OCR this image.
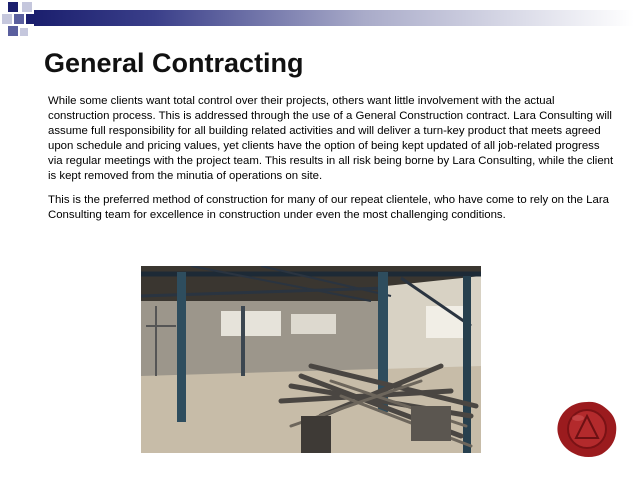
General Contracting

While some clients want total control over their projects, others want little involvement with the actual construction process. This is addressed through the use of a General Construction contract. Lara Consulting will assume full responsibility for all building related activities and will deliver a turn-key product that meets agreed upon schedule and pricing values, yet clients have the option of being kept updated of all job-related progress via regular meetings with the project team. This results in all risk being borne by Lara Consulting, while the client is kept removed from the minutia of operations on site.

This is the preferred method of construction for many of our repeat clientele, who have come to rely on the Lara Consulting team for excellence in construction under even the most challenging conditions.
